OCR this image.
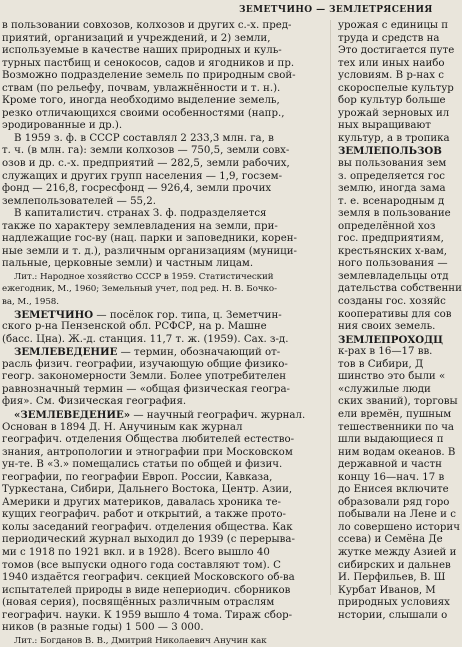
ЗЕМЕТЧИНО — ЗЕМЛЕТРЯСЕНИЯ
в пользовании совхозов, колхозов и других с.-х. пред-
приятий, организаций и учреждений, и 2) земли,
используемые в качестве наших природных и куль-
турных пастбищ и сенокосов, садов и ягодников и пр.
Возможно подразделение земель по природным свой-
ствам (по рельефу, почвам, увлажнённости и т. н.).
Кроме того, иногда необходимо выделение земель,
резко отличающихся своими особенностями (напр.,
эродированные и др.).
В 1959 з. ф. в СССР составлял 2 233,3 млн. га, в
т. ч. (в млн. га): земли колхозов — 750,5, земли совх-
озов и др. с.-х. предприятий — 282,5, земли рабочих,
служащих и других групп населения — 1,9, госзем-
фонд — 216,8, госресфонд — 926,4, земли прочих
землепользователей — 55,2.
В капиталистич. странах З. ф. подразделяется
также по характеру землевладения на земли, при-
надлежащие гос-ву (нац. парки и заповедники, корен-
ные земли и т. д.), различным организациям (муници-
пальные, церковные земли) и частным лицам.
Лит.: Народное хозяйство СССР в 1959. Статистический
ежегодник, М., 1960; Земельный учет, под ред. Н. В. Бочко-
ва, М., 1958.
ЗЕМЕТЧИНО — посёлок гор. типа, ц. Земетчин-
ского р-на Пензенской обл. РСФСР, на р. Машне
(басс. Цна). Ж.-д. станция. 11,7 т. ж. (1959). Сах. з-д.
ЗЕМЛЕВЕДЕНИЕ — термин, обозначающий от-
расль физич. географии, изучающую общие физико-
геогр. закономерности Земли. Более употребителен
равнозначный термин — «общая физическая геогра-
фия». См. Физическая география.
«ЗЕМЛЕВЕДЕНИЕ» — научный географич. журнал.
Основан в 1894 Д. Н. Анучиным как журнал
географич. отделения Общества любителей естество-
знания, антропологии и этнографии при Московском
ун-те. В «З.» помещались статьи по общей и физич.
географии, по географии Европ. России, Кавказа,
Туркестана, Сибири, Дальнего Востока, Центр. Азии,
Америки и других материков, давалась хроника те-
кущих географич. работ и открытий, а также прото-
колы заседаний географич. отделения общества. Как
периодический журнал выходил до 1939 (с перерыва-
ми с 1918 по 1921 вкл. и в 1928). Всего вышло 40
томов (все выпуски одного года составляют том). С
1940 издаётся географич. секцией Московского об-ва
испытателей природы в виде непериодич. сборников
(новая серия), посвящённых различным отраслям
географич. науки. К 1959 вышло 4 тома. Тираж сбор-
ников (в разные годы) 1 500 — 3 000.
Лит.: Богданов В. В., Дмитрий Николаевич Анучин как
урожая с единицы п
труда и средств на
Это достигается путе
тех или иных наибо
условиям. В р-нах с
скороспелые культур
бор культур больше
урожай зерновых ил
ных выращивают
культур, а в тропика
ЗЕМЛЕПОЛЬЗОВ
вы пользования зем
з. определяется гос
землю, иногда зама
т. е. всенародным д
земля в пользование
определённой хоз
гос. предприятиям,
крестьянских х-вам,
ного пользования —
землевладельцы отд
дательства собственни
созданы гос. хозяйс
кооперативы для сов
ния своих земель.
ЗЕМЛЕПРОХОДЦ
к-рах в 16—17 вв.
тов в Сибири, Д
шинство это были «
«служилые люди
ских званий), торговы
ели времён, пушным
тешественники по ча
шли выдающиеся п
ним водам океанов. В
державной и частн
концу 16—нач. 17 в
до Енисея включите
образовали ряд горо
побывали на Лене и с
ло совершено историч
ссева) и Семёна Де
жутке между Азией и
сибирских и дальнев
И. Перфильев, В. Ш
Курбат Иванов, М
природных условиях
нстории, слышали о
